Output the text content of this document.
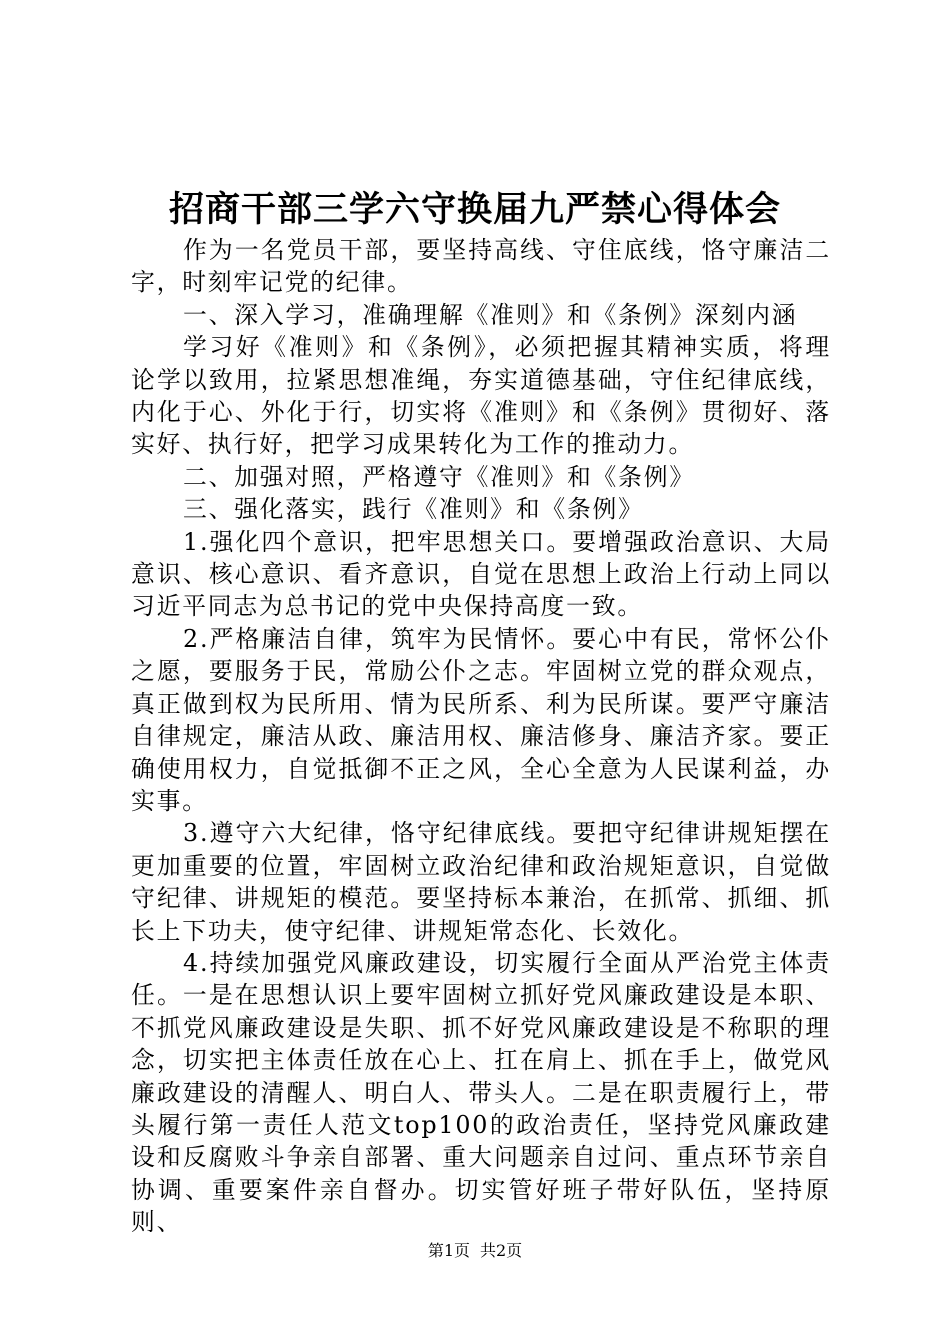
招商干部三学六守换届九严禁心得体会

作为一名党员干部，要坚持高线、守住底线，恪守廉洁二字，时刻牢记党的纪律。

一、深入学习，准确理解《准则》和《条例》深刻内涵

学习好《准则》和《条例》，必须把握其精神实质，将理论学以致用，拉紧思想准绳，夯实道德基础，守住纪律底线，内化于心、外化于行，切实将《准则》和《条例》贯彻好、落实好、执行好，把学习成果转化为工作的推动力。

二、加强对照，严格遵守《准则》和《条例》

三、强化落实，践行《准则》和《条例》

1.强化四个意识，把牢思想关口。要增强政治意识、大局意识、核心意识、看齐意识，自觉在思想上政治上行动上同以习近平同志为总书记的党中央保持高度一致。

2.严格廉洁自律，筑牢为民情怀。要心中有民，常怀公仆之愿，要服务于民，常励公仆之志。牢固树立党的群众观点，真正做到权为民所用、情为民所系、利为民所谋。要严守廉洁自律规定，廉洁从政、廉洁用权、廉洁修身、廉洁齐家。要正确使用权力，自觉抵御不正之风，全心全意为人民谋利益，办实事。

3.遵守六大纪律，恪守纪律底线。要把守纪律讲规矩摆在更加重要的位置，牢固树立政治纪律和政治规矩意识，自觉做守纪律、讲规矩的模范。要坚持标本兼治，在抓常、抓细、抓长上下功夫，使守纪律、讲规矩常态化、长效化。

4.持续加强党风廉政建设，切实履行全面从严治党主体责任。一是在思想认识上要牢固树立抓好党风廉政建设是本职、不抓党风廉政建设是失职、抓不好党风廉政建设是不称职的理念，切实把主体责任放在心上、扛在肩上、抓在手上，做党风廉政建设的清醒人、明白人、带头人。二是在职责履行上，带头履行第一责任人范文top100的政治责任，坚持党风廉政建设和反腐败斗争亲自部署、重大问题亲自过问、重点环节亲自协调、重要案件亲自督办。切实管好班子带好队伍，坚持原则、

第1页 共2页
